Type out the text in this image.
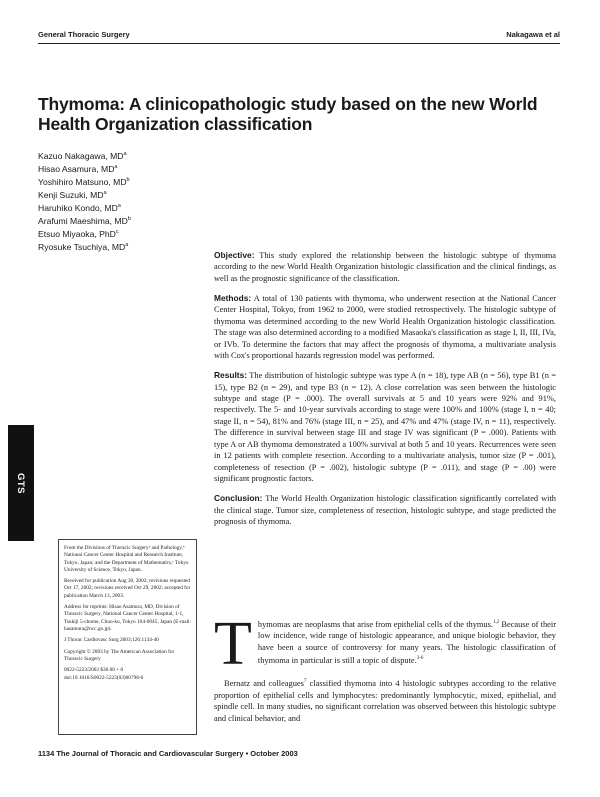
General Thoracic Surgery	Nakagawa et al
Thymoma: A clinicopathologic study based on the new World Health Organization classification
Kazuo Nakagawa, $MD^a$
Hisao Asamura, $MD^a$
Yoshihiro Matsuno, $MD^b$
Kenji Suzuki, $MD^a$
Haruhiko Kondo, $MD^a$
Arafumi Maeshima, $MD^b$
Etsuo Miyaoka, PhD$^c$
Ryosuke Tsuchiya, $MD^a$
GTS

Objective: This study explored the relationship between the histologic subtype of thymoma according to the new World Health Organization histologic classification and the clinical findings, as well as the prognostic significance of the classification.

Methods: A total of 130 patients with thymoma, who underwent resection at the National Cancer Center Hospital, Tokyo, from 1962 to 2000, were studied retrospectively. The histologic subtype of thymoma was determined according to the new World Health Organization histologic classification. The stage was also determined according to a modified Masaoka's classification as stage I, II, III, IVa, or IVb. To determine the factors that may affect the prognosis of thymoma, a multivariate analysis with Cox's proportional hazards regression model was performed.

Results: The distribution of histologic subtype was type A (n = 18), type AB (n = 56), type B1 (n = 15), type B2 (n = 29), and type B3 (n = 12). A close correlation was seen between the histologic subtype and stage (P = .000). The overall survivals at 5 and 10 years were 92% and 91%, respectively. The 5- and 10-year survivals according to stage were 100% and 100% (stage I, n = 40; stage II, n = 54), 81% and 76% (stage III, n = 25), and 47% and 47% (stage IV, n = 11), respectively. The difference in survival between stage III and stage IV was significant (P = .000). Patients with type A or AB thymoma demonstrated a 100% survival at both 5 and 10 years. Recurrences were seen in 12 patients with complete resection. According to a multivariate analysis, tumor size (P = .001), completeness of resection (P = .002), histologic subtype (P = .011), and stage (P = .00) were significant prognostic factors.

Conclusion: The World Health Organization histologic classification significantly correlated with the clinical stage. Tumor size, completeness of resection, histologic subtype, and stage predicted the prognosis of thymoma.

From the Divisions of Thoracic Surgeryᵃ and Pathology,ᵇ National Cancer Center Hospital and Research Institute, Tokyo, Japan; and the Department of Mathematics,ᶜ Tokyo University of Science, Tokyo, Japan.

Received for publication Aug 30, 2002; revisions requested Oct 17, 2002; revisions received Oct 29, 2002; accepted for publication March 13, 2003.

Address for reprints: Hisao Asamura, MD, Division of Thoracic Surgery, National Cancer Center Hospital, 1-1, Tsukiji 5-chome, Chuo-ku, Tokyo 104-0045, Japan (E-mail: hasamura@ncc.go.jp).

J Thorac Cardiovasc Surg 2003;126:1134-40

Copyright © 2003 by The American Association for Thoracic Surgery

0022-5223/2003 $30.00 + 0

doi:10.1016/S0022-5223(03)00798-0

T hymomas are neoplasms that arise from epithelial cells of the thymus.$^{1,2}$ Because of their low incidence, wide range of histologic appearance, and unique biologic behavior, they have been a source of controversy for many years. The histologic classification of thymoma in particular is still a topic of dispute.$^{3-6}$

Bernatz and colleagues$^7$ classified thymoma into 4 histologic subtypes according to the relative proportion of epithelial cells and lymphocytes: predominantly lymphocytic, mixed, epithelial, and spindle cell. In many studies, no significant correlation was observed between this histologic subtype and clinical behavior, and

1134 The Journal of Thoracic and Cardiovascular Surgery • October 2003
